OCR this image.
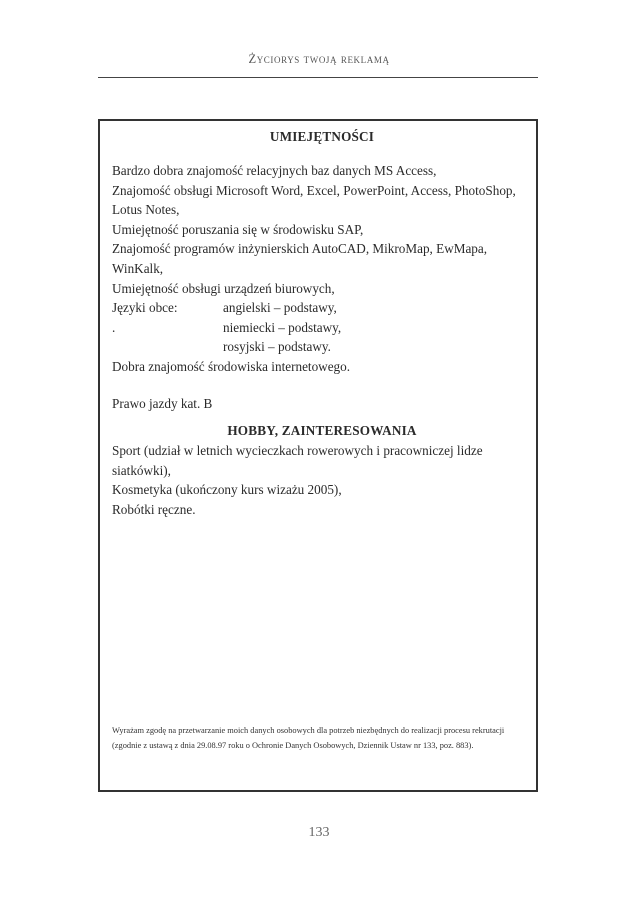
Życiorys twoją reklamą

UMIEJĘTNOŚCI

Bardzo dobra znajomość relacyjnych baz danych MS Access,

Znajomość obsługi Microsoft Word, Excel, PowerPoint, Access, PhotoShop,

Lotus Notes,

Umiejętność poruszania się w środowisku SAP,

Znajomość programów inżynierskich AutoCAD, MikroMap, EwMapa,

WinKalk,

Umiejętność obsługi urządzeń biurowych,

Języki obce:	angielski – podstawy,
.	niemiecki – podstawy,
rosyjski – podstawy.

Dobra znajomość środowiska internetowego.

Prawo jazdy kat. B

HOBBY, ZAINTERESOWANIA

Sport (udział w letnich wycieczkach rowerowych i pracowniczej lidze

siatkówki),

Kosmetyka (ukończony kurs wizażu 2005),

Robótki ręczne.

Wyrażam zgodę na przetwarzanie moich danych osobowych dla potrzeb niezbędnych do realizacji procesu rekrutacji
(zgodnie z ustawą z dnia 29.08.97 roku o Ochronie Danych Osobowych, Dziennik Ustaw nr 133, poz. 883).
133
